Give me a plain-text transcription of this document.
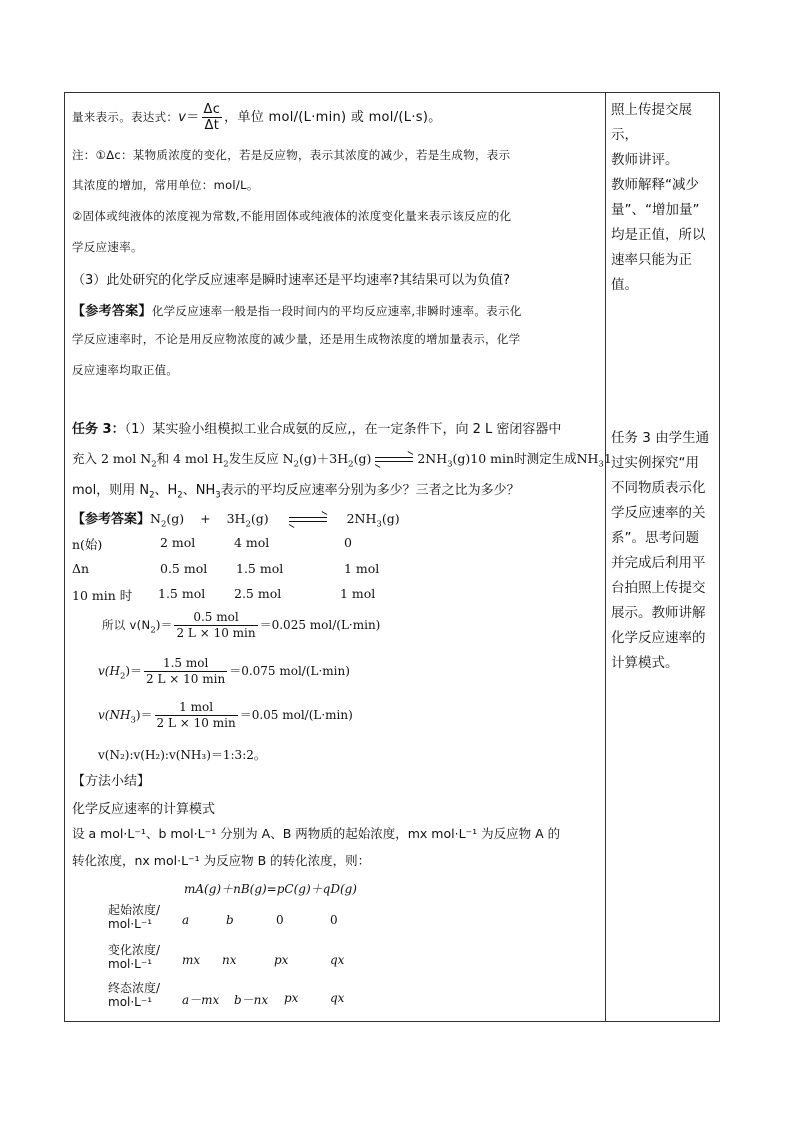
量来表示。表达式：$v= \frac{\Delta c}{\Delta t}$ ，单位 mol/(L·min) 或 mol/(L·s)。
注：①Δc：某物质浓度的变化，若是反应物，表示其浓度的减少，若是生成物，表示
其浓度的增加，常用单位：mol/L。
②固体或纯液体的浓度视为常数,不能用固体或纯液体的浓度变化量来表示该反应的化
学反应速率。
（3）此处研究的化学反应速率是瞬时速率还是平均速率?其结果可以为负值?
【参考答案】化学反应速率一般是指一段时间内的平均反应速率,非瞬时速率。表示化
学反应速率时，不论是用反应物浓度的减少量，还是用生成物浓度的增加量表示，化学
反应速率均取正值。
任务 3：（1）某实验小组模拟工业合成氨的反应,，在一定条件下，向 2 L 密闭容器中
充入 2 mol $N_2$和 4 mol $H_2$发生反应 $N_2(g)+3H_2(g)$	$2NH_3(g)10$ min时测定生成$NH_31$
mol，则用 $N_2$、$H_2$、$NH_3$表示的平均反应速率分别为多少？三者之比为多少？
【参考答案】$N_2(g) + 3H_2(g)$	$2NH_3(g)$
n(始)	2 mol	4 mol	0
Δn	0.5 mol 1.5 mol	1 mol
10 min 时 1.5 mol 2.5 mol	1 mol
所以 $v(N_2)= \frac{\text{0.5 mol}}{2 L \times 10 \min} =0.025$ mol/(L·min)
$v(H_2)= \frac{\text{1.5 mol}}{2 L \times 10 \min} =0.075$ mol/(L·min)
$v(NH_3)= \frac{\text{1 mol}}{2 L \times 10 \min} =0.05$ mol/(L·min)
v(N₂):v(H₂):v(NH₃)＝1:3:2。
【方法小结】
化学反应速率的计算模式
设 a mol·L⁻¹、b mol·L⁻¹ 分别为 A、B 两物质的起始浓度，mx mol·L⁻¹ 为反应物 A 的
转化浓度，nx mol·L⁻¹ 为反应物 B 的转化浓度，则：
mA(g)＋nB(g)=pC(g)＋qD(g)
起始浓度/
mol·L⁻¹	a	b	0	0
变化浓度/
mol·L⁻¹	mx nx	px	qx
终态浓度/
mol·L⁻¹	a－mx b－nx px	qx

照上传提交展示，

教师讲评。

教师解释“减少

量”、“增加量”

均是正值，所以

速率只能为正值。

任务 3 由学生通

过实例探究“用

不同物质表示化

学反应速率的关

系”。思考问题

并完成后利用平

台拍照上传提交

展示。教师讲解

化学反应速率的

计算模式。
